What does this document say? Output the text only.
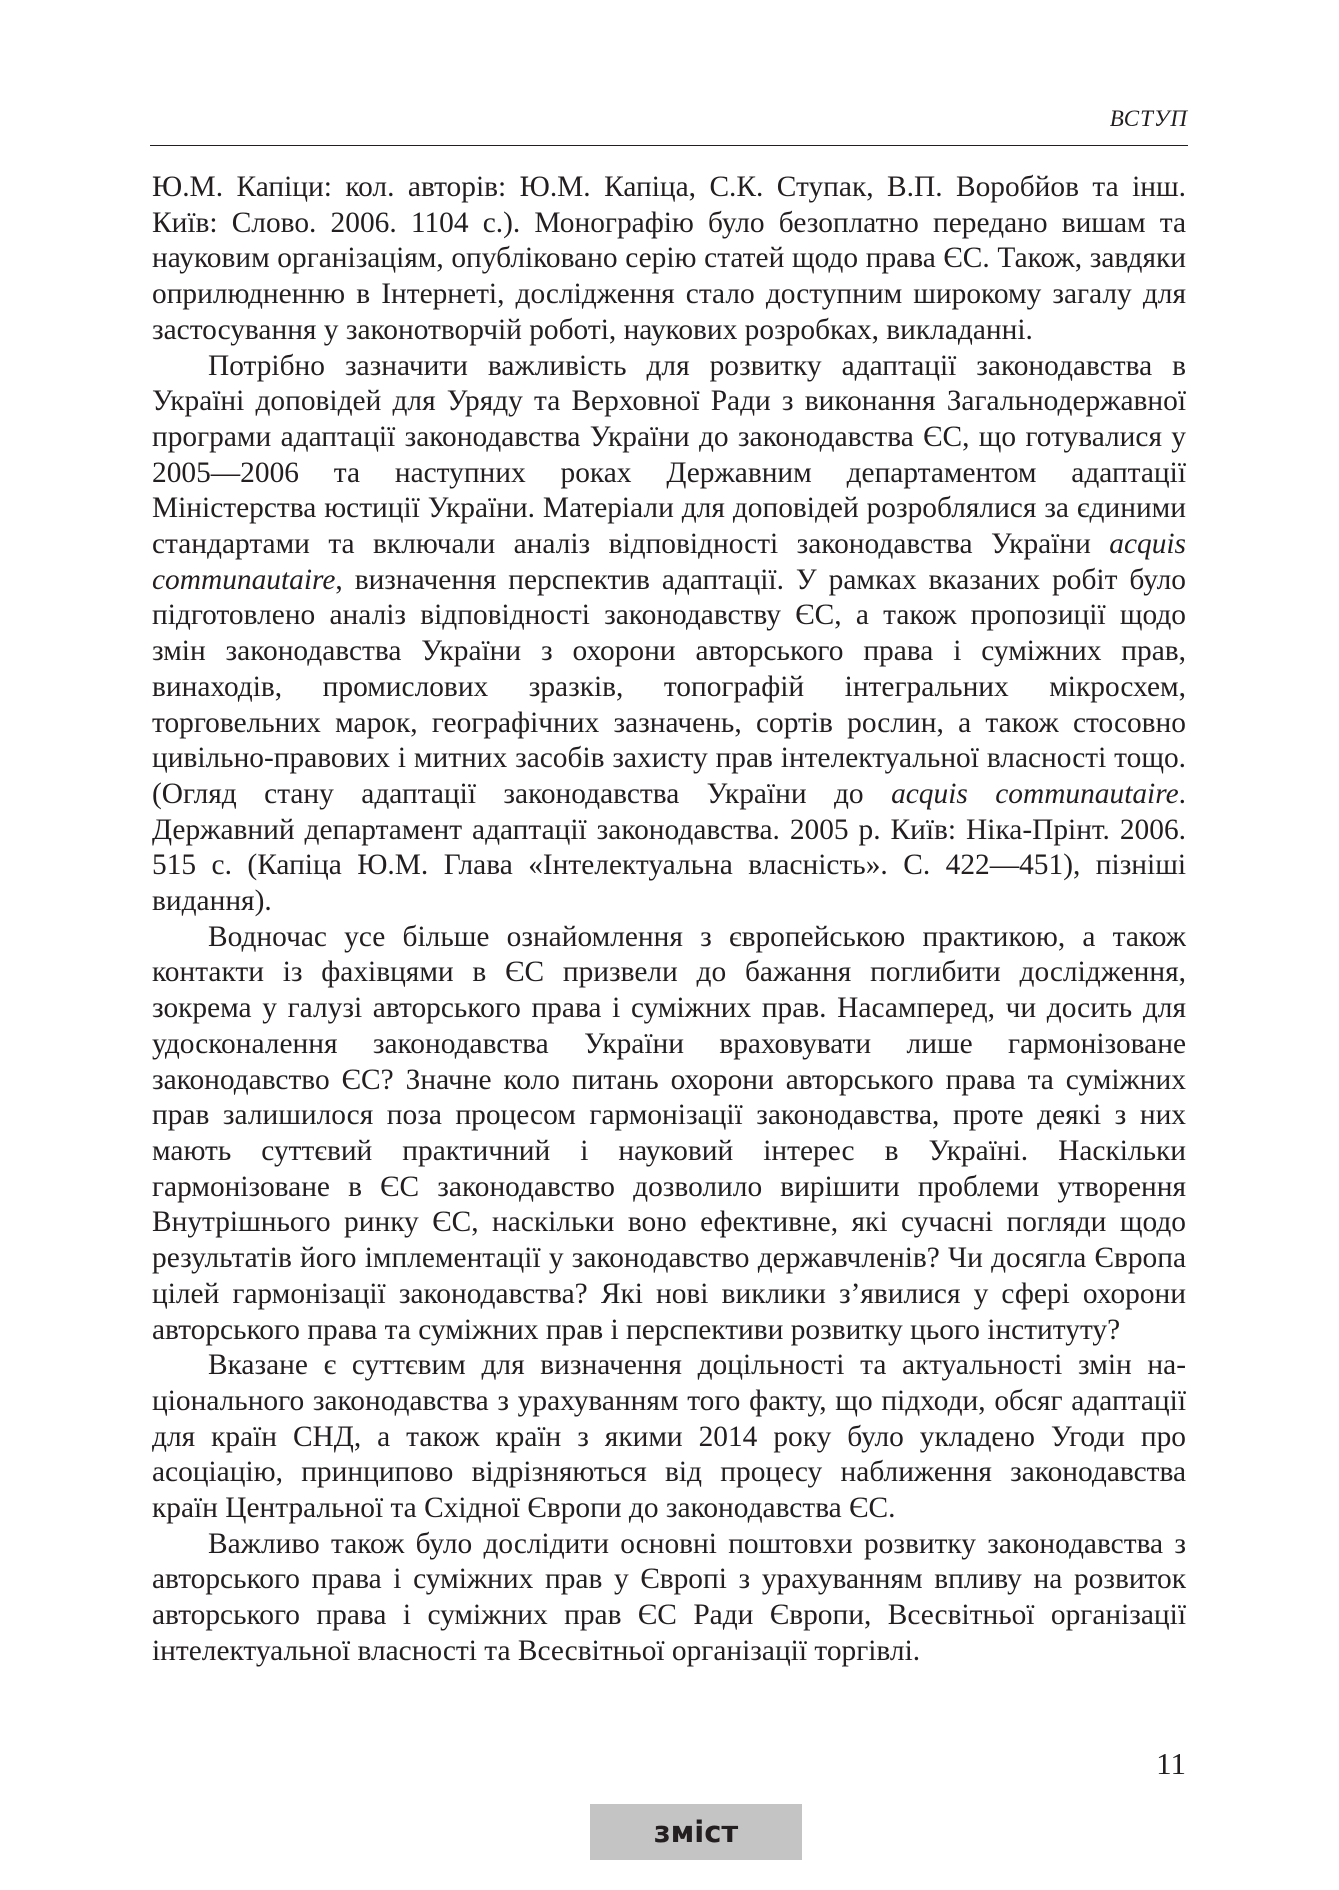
ВСТУП

Ю.М. Капіци: кол. авторів: Ю.М. Капіца, С.К. Ступак, В.П. Воробйов та інш. Київ: Слово. 2006. 1104 с.). Монографію було безоплатно передано вишам та науковим організаціям, опубліковано серію статей щодо права ЄС. Також, завдяки оприлюдненню в Інтернеті, дослідження стало доступним широкому загалу для застосування у законотворчій роботі, наукових розробках, викладанні.

Потрібно зазначити важливість для розвитку адаптації законодавства в Україні доповідей для Уряду та Верховної Ради з виконання Загальнодержавної програми адаптації законодавства України до законодавства ЄС, що готувалися у 2005—2006 та наступних роках Державним департаментом адаптації Міністерства юстиції України. Матеріали для доповідей розроблялися за єдиними стандартами та включали аналіз відповідності законодавства України acquis communautaire, визначення перспектив адаптації. У рамках вказаних робіт було підготовлено аналіз відповідності законодавству ЄС, а також пропозиції щодо змін законодавства України з охорони авторського права і суміжних прав, винаходів, промислових зразків, топографій інтегральних мікросхем, торговельних марок, географічних зазначень, сортів рослин, а також стосовно цивільно-правових і митних засобів захисту прав інтелектуальної власності тощо. (Огляд стану адаптації законодавства України до acquis communautaire. Державний департамент адаптації законодавства. 2005 р. Київ: Ніка-Прінт. 2006. 515 с. (Капіца Ю.М. Глава «Інтелектуальна власність». С. 422—451), пізніші видання).

Водночас усе більше ознайомлення з європейською практикою, а також контакти із фахівцями в ЄС призвели до бажання поглибити дослідження, зокрема у галузі авторського права і суміжних прав. Насамперед, чи досить для удосконалення законодавства України враховувати лише гармонізоване законодавство ЄС? Значне коло питань охорони авторського права та суміжних прав залишилося поза процесом гармонізації законодавства, проте деякі з них мають суттєвий практичний і науковий інтерес в Україні. Наскільки гармонізоване в ЄС законодавство дозволило вирішити проблеми утворення Внутрішнього ринку ЄС, наскільки воно ефективне, які сучасні погляди щодо результатів його імплементації у законодавство державчленів? Чи досягла Європа цілей гармонізації законодавства? Які нові виклики з’явилися у сфері охорони авторського права та суміжних прав і перспективи розвитку цього інституту?

Вказане є суттєвим для визначення доцільності та актуальності змін національного законодавства з урахуванням того факту, що підходи, обсяг адаптації для країн СНД, а також країн з якими 2014 року було укладено Угоди про асоціацію, принципово відрізняються від процесу наближення законодавства країн Центральної та Східної Європи до законодавства ЄС.

Важливо також було дослідити основні поштовхи розвитку законодавства з авторського права і суміжних прав у Європі з урахуванням впливу на розвиток авторського права і суміжних прав ЄС Ради Європи, Всесвітньої організації інтелектуальної власності та Всесвітньої організації торгівлі.

11
зміст
